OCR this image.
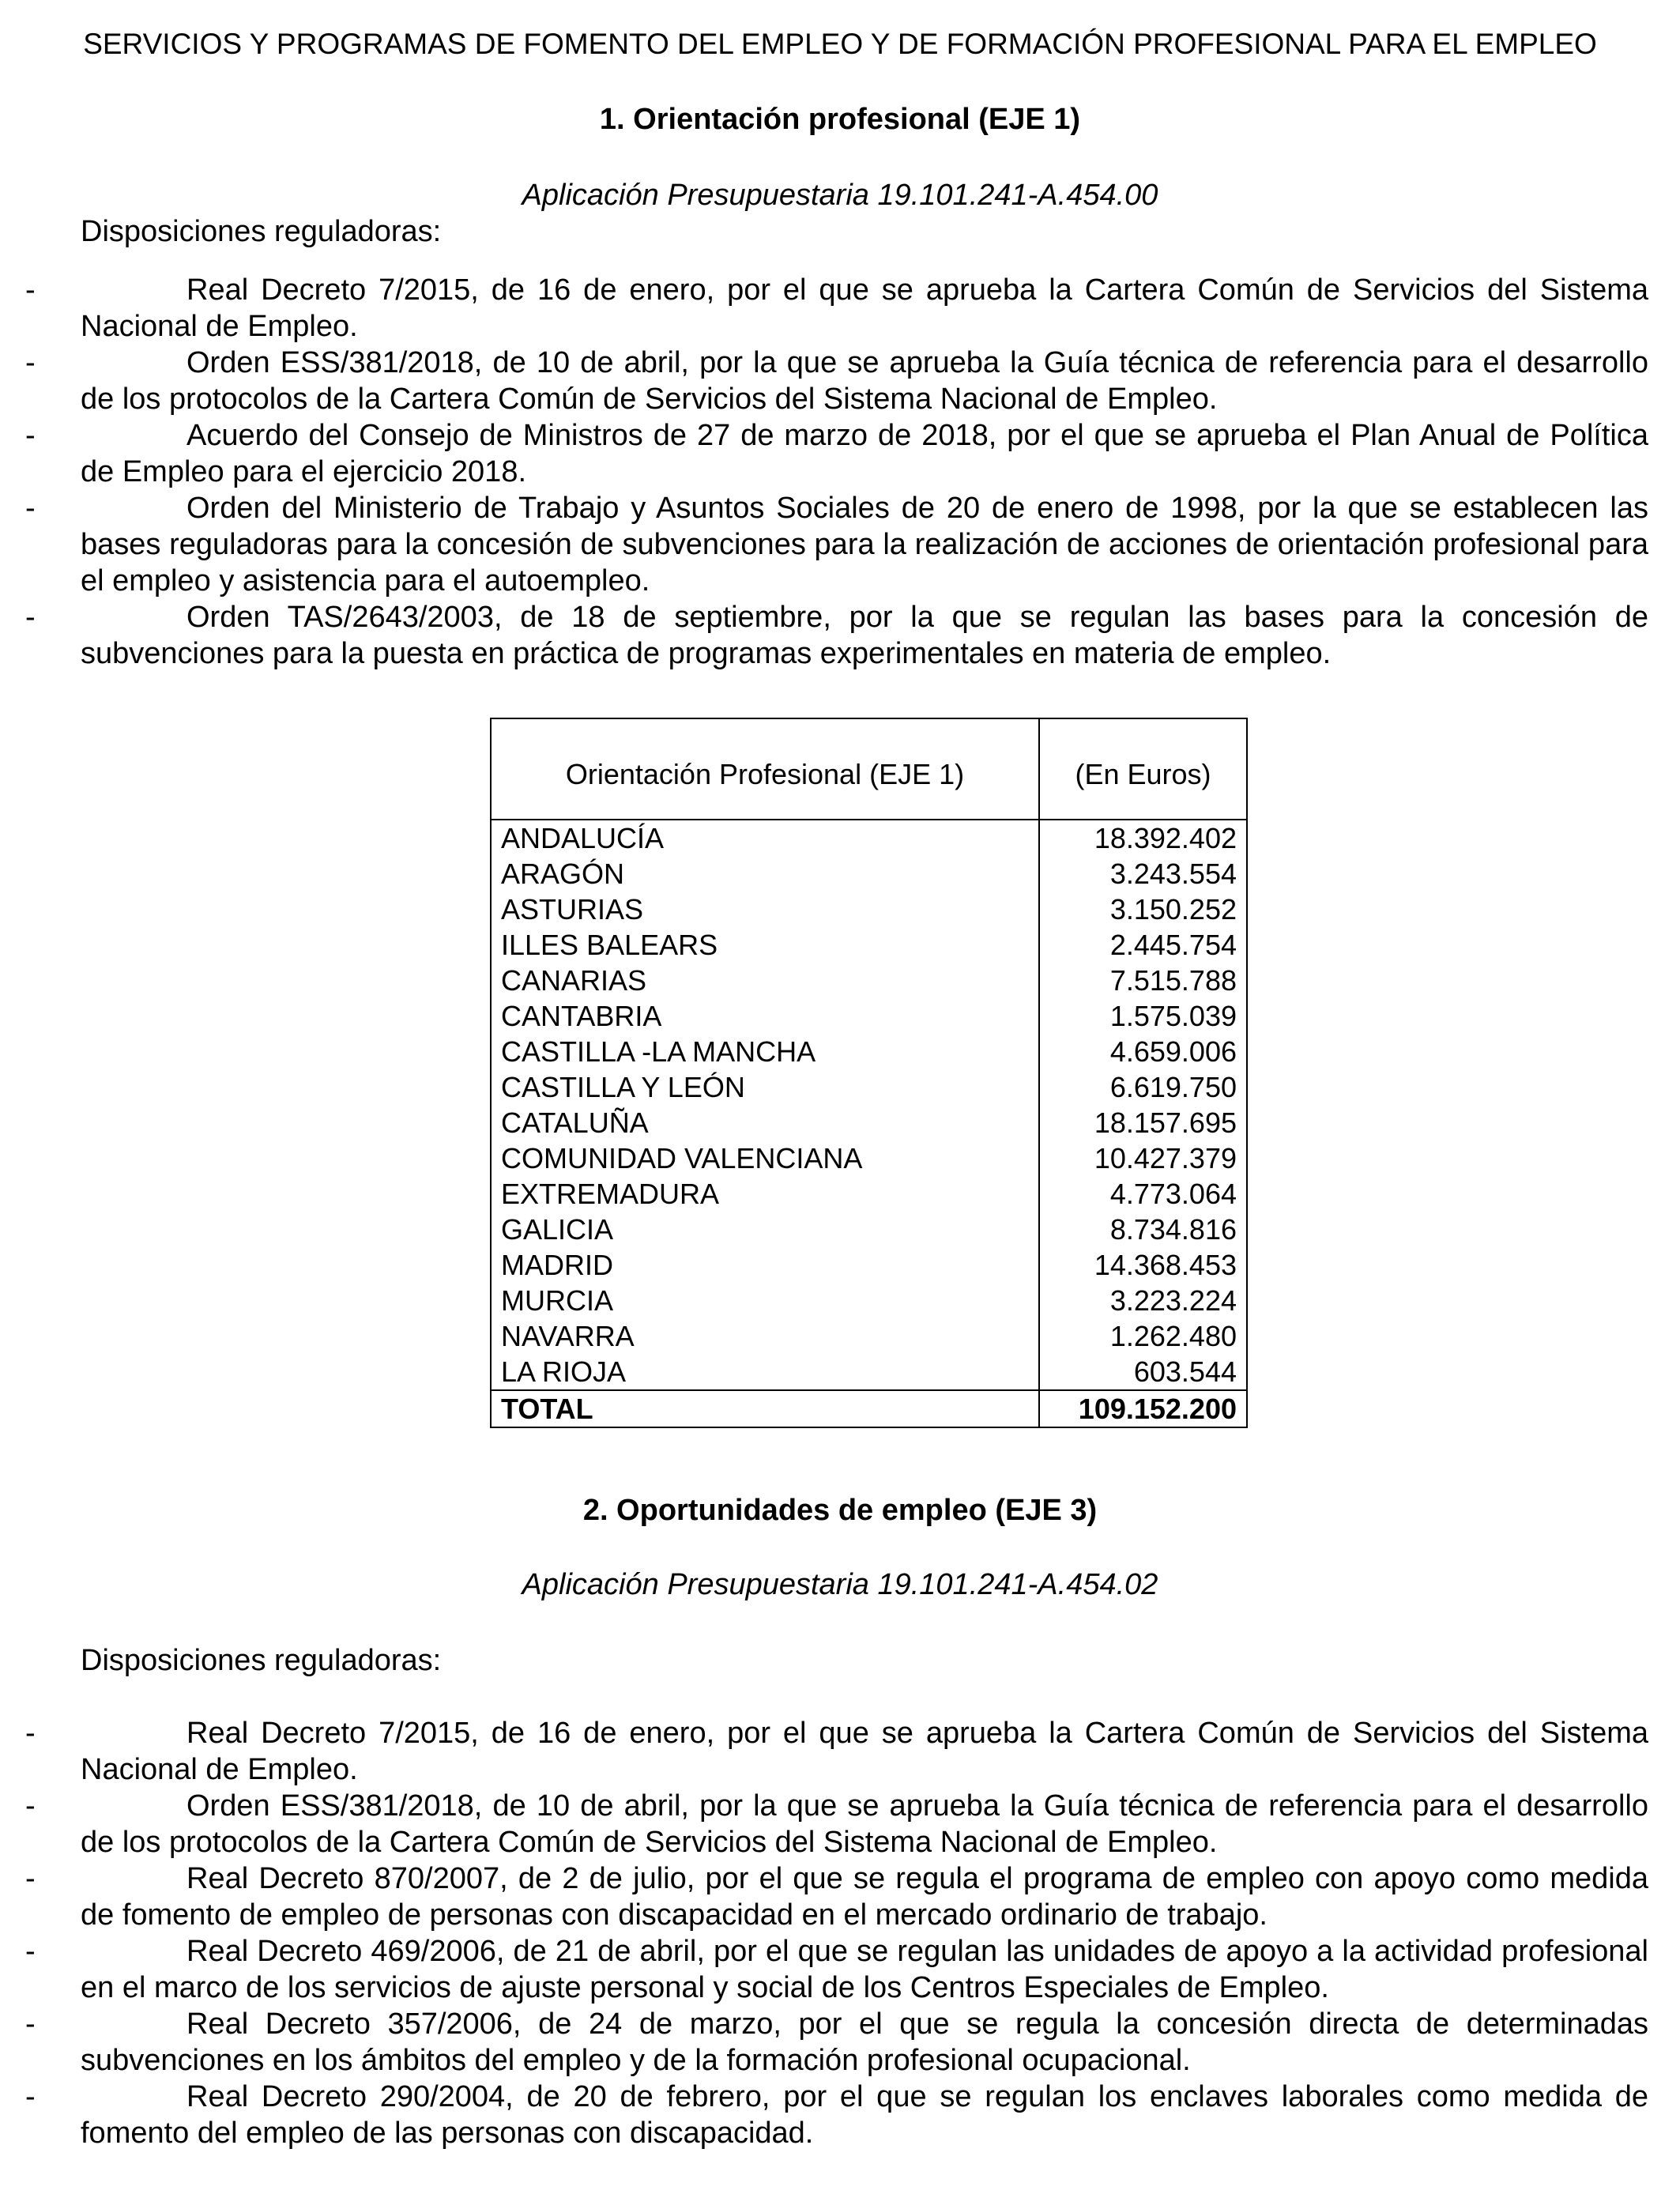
SERVICIOS Y PROGRAMAS DE FOMENTO DEL EMPLEO Y DE FORMACIÓN PROFESIONAL PARA EL EMPLEO
1. Orientación profesional (EJE 1)
Aplicación Presupuestaria 19.101.241-A.454.00
Disposiciones reguladoras:
-	Real Decreto 7/2015, de 16 de enero, por el que se aprueba la Cartera Común de Servicios del Sistema Nacional de Empleo.
-	Orden ESS/381/2018, de 10 de abril, por la que se aprueba la Guía técnica de referencia para el desarrollo de los protocolos de la Cartera Común de Servicios del Sistema Nacional de Empleo.
-	Acuerdo del Consejo de Ministros de 27 de marzo de 2018, por el que se aprueba el Plan Anual de Política de Empleo para el ejercicio 2018.
-	Orden del Ministerio de Trabajo y Asuntos Sociales de 20 de enero de 1998, por la que se establecen las bases reguladoras para la concesión de subvenciones para la realización de acciones de orientación profesional para el empleo y asistencia para el autoempleo.
-	Orden TAS/2643/2003, de 18 de septiembre, por la que se regulan las bases para la concesión de subvenciones para la puesta en práctica de programas experimentales en materia de empleo.
Orientación Profesional (EJE 1)	(En Euros)
ANDALUCÍA	18.392.402
ARAGÓN	3.243.554
ASTURIAS	3.150.252
ILLES BALEARS	2.445.754
CANARIAS	7.515.788
CANTABRIA	1.575.039
CASTILLA -LA MANCHA	4.659.006
CASTILLA Y LEÓN	6.619.750
CATALUÑA	18.157.695
COMUNIDAD VALENCIANA	10.427.379
EXTREMADURA	4.773.064
GALICIA	8.734.816
MADRID	14.368.453
MURCIA	3.223.224
NAVARRA	1.262.480
LA RIOJA	603.544
TOTAL	109.152.200
2. Oportunidades de empleo (EJE 3)
Aplicación Presupuestaria 19.101.241-A.454.02
Disposiciones reguladoras:
-	Real Decreto 7/2015, de 16 de enero, por el que se aprueba la Cartera Común de Servicios del Sistema Nacional de Empleo.
-	Orden ESS/381/2018, de 10 de abril, por la que se aprueba la Guía técnica de referencia para el desarrollo de los protocolos de la Cartera Común de Servicios del Sistema Nacional de Empleo.
-	Real Decreto 870/2007, de 2 de julio, por el que se regula el programa de empleo con apoyo como medida de fomento de empleo de personas con discapacidad en el mercado ordinario de trabajo.
-	Real Decreto 469/2006, de 21 de abril, por el que se regulan las unidades de apoyo a la actividad profesional en el marco de los servicios de ajuste personal y social de los Centros Especiales de Empleo.
-	Real Decreto 357/2006, de 24 de marzo, por el que se regula la concesión directa de determinadas subvenciones en los ámbitos del empleo y de la formación profesional ocupacional.
-	Real Decreto 290/2004, de 20 de febrero, por el que se regulan los enclaves laborales como medida de fomento del empleo de las personas con discapacidad.
